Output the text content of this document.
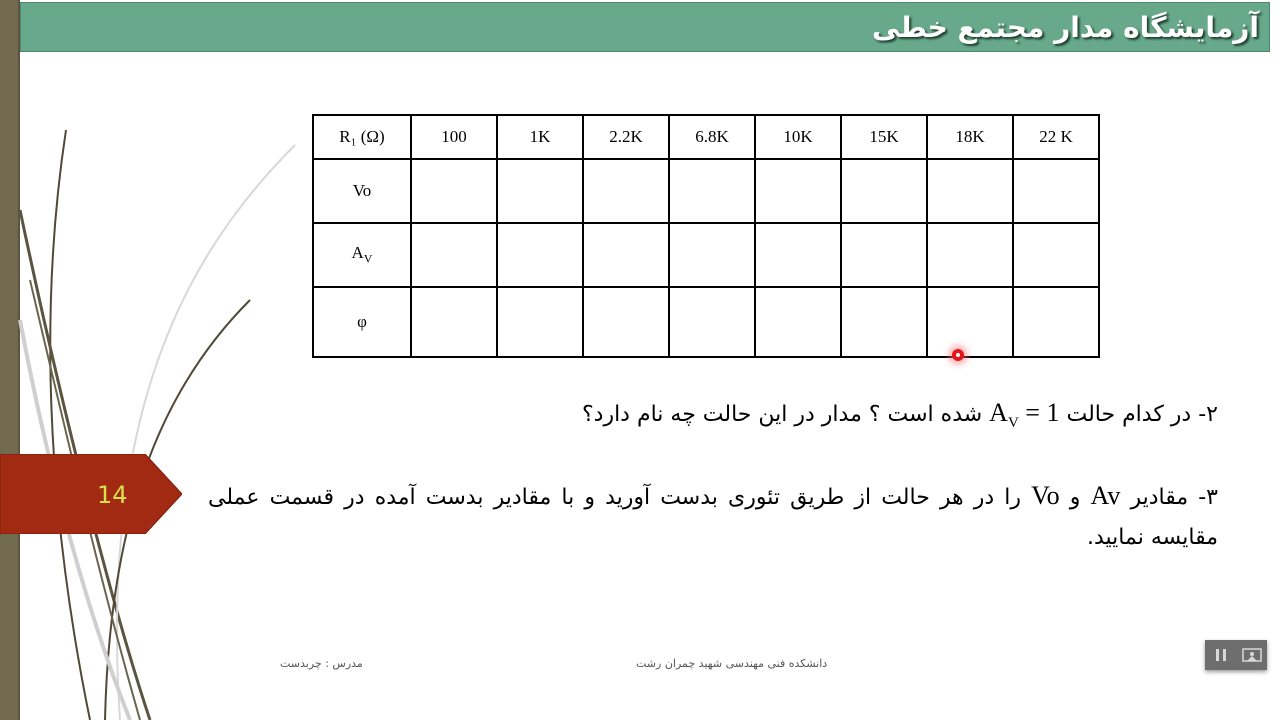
آزمایشگاه مدار مجتمع خطی
R₁ (Ω)	100	1K	2.2K	6.8K	10K	15K	18K	22 K
Vo								
$A_V$								
φ								
۲- در کدام حالت $A_V = 1$ شده است ؟ مدار در این حالت چه نام دارد؟
۳- مقادیر Av و Vo را در هر حالت از طریق تئوری بدست آورید و با مقادیر بدست آمده در قسمت عملی مقایسه نمایید.
14
مدرس : چربدست	دانشکده فنی مهندسی شهید چمران رشت
